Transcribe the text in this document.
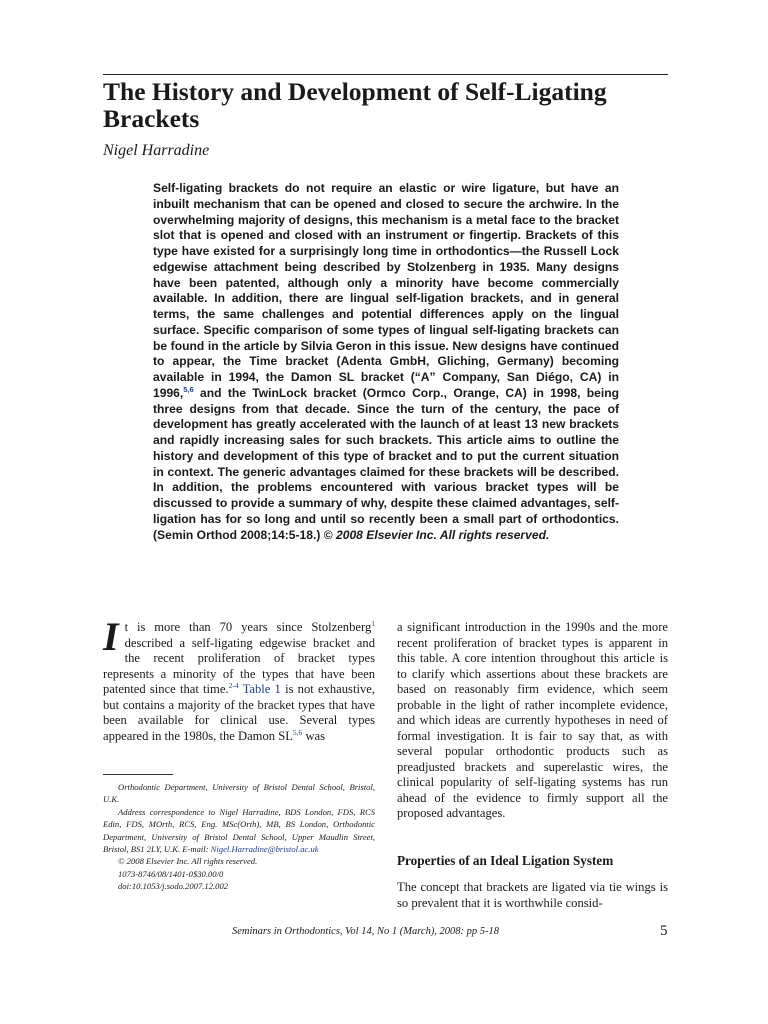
The History and Development of Self-Ligating Brackets

Nigel Harradine

Self-ligating brackets do not require an elastic or wire ligature, but have an inbuilt mechanism that can be opened and closed to secure the archwire. In the overwhelming majority of designs, this mechanism is a metal face to the bracket slot that is opened and closed with an instrument or fingertip. Brackets of this type have existed for a surprisingly long time in orthodontics—the Russell Lock edgewise attachment being described by Stolzenberg in 1935. Many designs have been patented, although only a minority have become commercially available. In addition, there are lingual self-ligation brackets, and in general terms, the same challenges and potential differences apply on the lingual surface. Specific comparison of some types of lingual self-ligating brackets can be found in the article by Silvia Geron in this issue. New designs have continued to appear, the Time bracket (Adenta GmbH, Gliching, Germany) becoming available in 1994, the Damon SL bracket (“A” Company, San Diégo, CA) in 1996,$^{5,6}$ and the TwinLock bracket (Ormco Corp., Orange, CA) in 1998, being three designs from that decade. Since the turn of the century, the pace of development has greatly accelerated with the launch of at least 13 new brackets and rapidly increasing sales for such brackets. This article aims to outline the history and development of this type of bracket and to put the current situation in context. The generic advantages claimed for these brackets will be described. In addition, the problems encountered with various bracket types will be discussed to provide a summary of why, despite these claimed advantages, self-ligation has for so long and until so recently been a small part of orthodontics. (Semin Orthod 2008;14:5-18.) © 2008 Elsevier Inc. All rights reserved.

It is more than 70 years since Stolzenberg$^1$ described a self-ligating edgewise bracket and the recent proliferation of bracket types represents a minority of the types that have been patented since that time.$^{2-4}$ Table 1 is not exhaustive, but contains a majority of the bracket types that have been available for clinical use. Several types appeared in the 1980s, the Damon SL$^{5,6}$ was

Orthodontic Department, University of Bristol Dental School, Bristol, U.K.

Address correspondence to Nigel Harradine, BDS London, FDS, RCS Edin, FDS, MOrth, RCS, Eng. MSc(Orth), MB, BS London, Orthodontic Department, University of Bristol Dental School, Upper Maudlin Street, Bristol, BS1 2LY, U.K. E-mail: Nigel.Harradine@bristol.ac.uk

© 2008 Elsevier Inc. All rights reserved.

1073-8746/08/1401-0$30.00/0

doi:10.1053/j.sodo.2007.12.002

a significant introduction in the 1990s and the more recent proliferation of bracket types is apparent in this table. A core intention throughout this article is to clarify which assertions about these brackets are based on reasonably firm evidence, which seem probable in the light of rather incomplete evidence, and which ideas are currently hypotheses in need of formal investigation. It is fair to say that, as with several popular orthodontic products such as preadjusted brackets and superelastic wires, the clinical popularity of self-ligating systems has run ahead of the evidence to firmly support all the proposed advantages.

Properties of an Ideal Ligation System

The concept that brackets are ligated via tie wings is so prevalent that it is worthwhile consid-

Seminars in Orthodontics, Vol 14, No 1 (March), 2008: pp 5-18	5
